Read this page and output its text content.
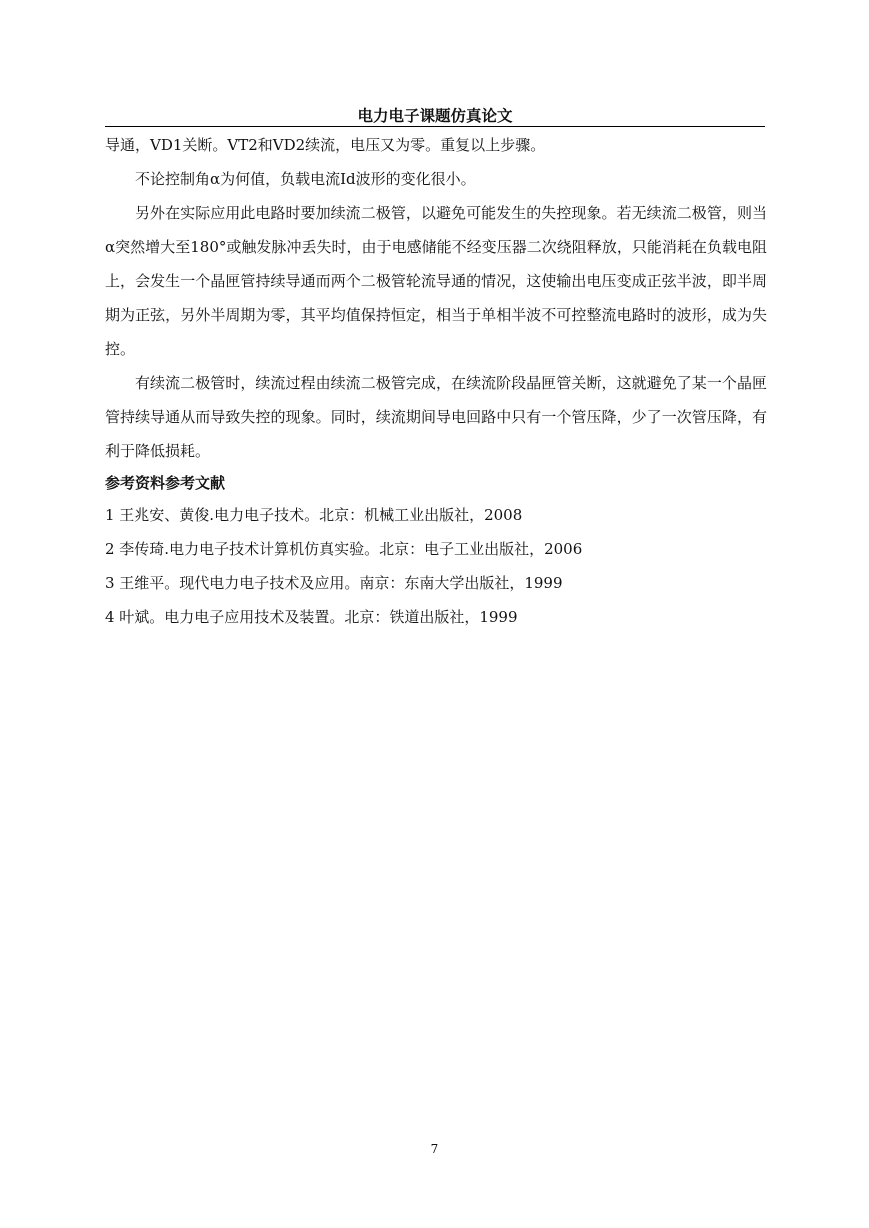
电力电子课题仿真论文

导通，VD1关断。VT2和VD2续流，电压又为零。重复以上步骤。

不论控制角α为何值，负载电流Id波形的变化很小。

另外在实际应用此电路时要加续流二极管，以避免可能发生的失控现象。若无续流二极管，则当α突然增大至180°或触发脉冲丢失时，由于电感储能不经变压器二次绕阻释放，只能消耗在负载电阻上，会发生一个晶匣管持续导通而两个二极管轮流导通的情况，这使输出电压变成正弦半波，即半周期为正弦，另外半周期为零，其平均值保持恒定，相当于单相半波不可控整流电路时的波形，成为失控。

有续流二极管时，续流过程由续流二极管完成，在续流阶段晶匣管关断，这就避免了某一个晶匣管持续导通从而导致失控的现象。同时，续流期间导电回路中只有一个管压降，少了一次管压降，有利于降低损耗。

参考资料参考文献

1 王兆安、黄俊.电力电子技术。北京：机械工业出版社，2008

2 李传琦.电力电子技术计算机仿真实验。北京：电子工业出版社，2006

3 王维平。现代电力电子技术及应用。南京：东南大学出版社，1999

4 叶斌。电力电子应用技术及装置。北京：铁道出版社，1999

7
